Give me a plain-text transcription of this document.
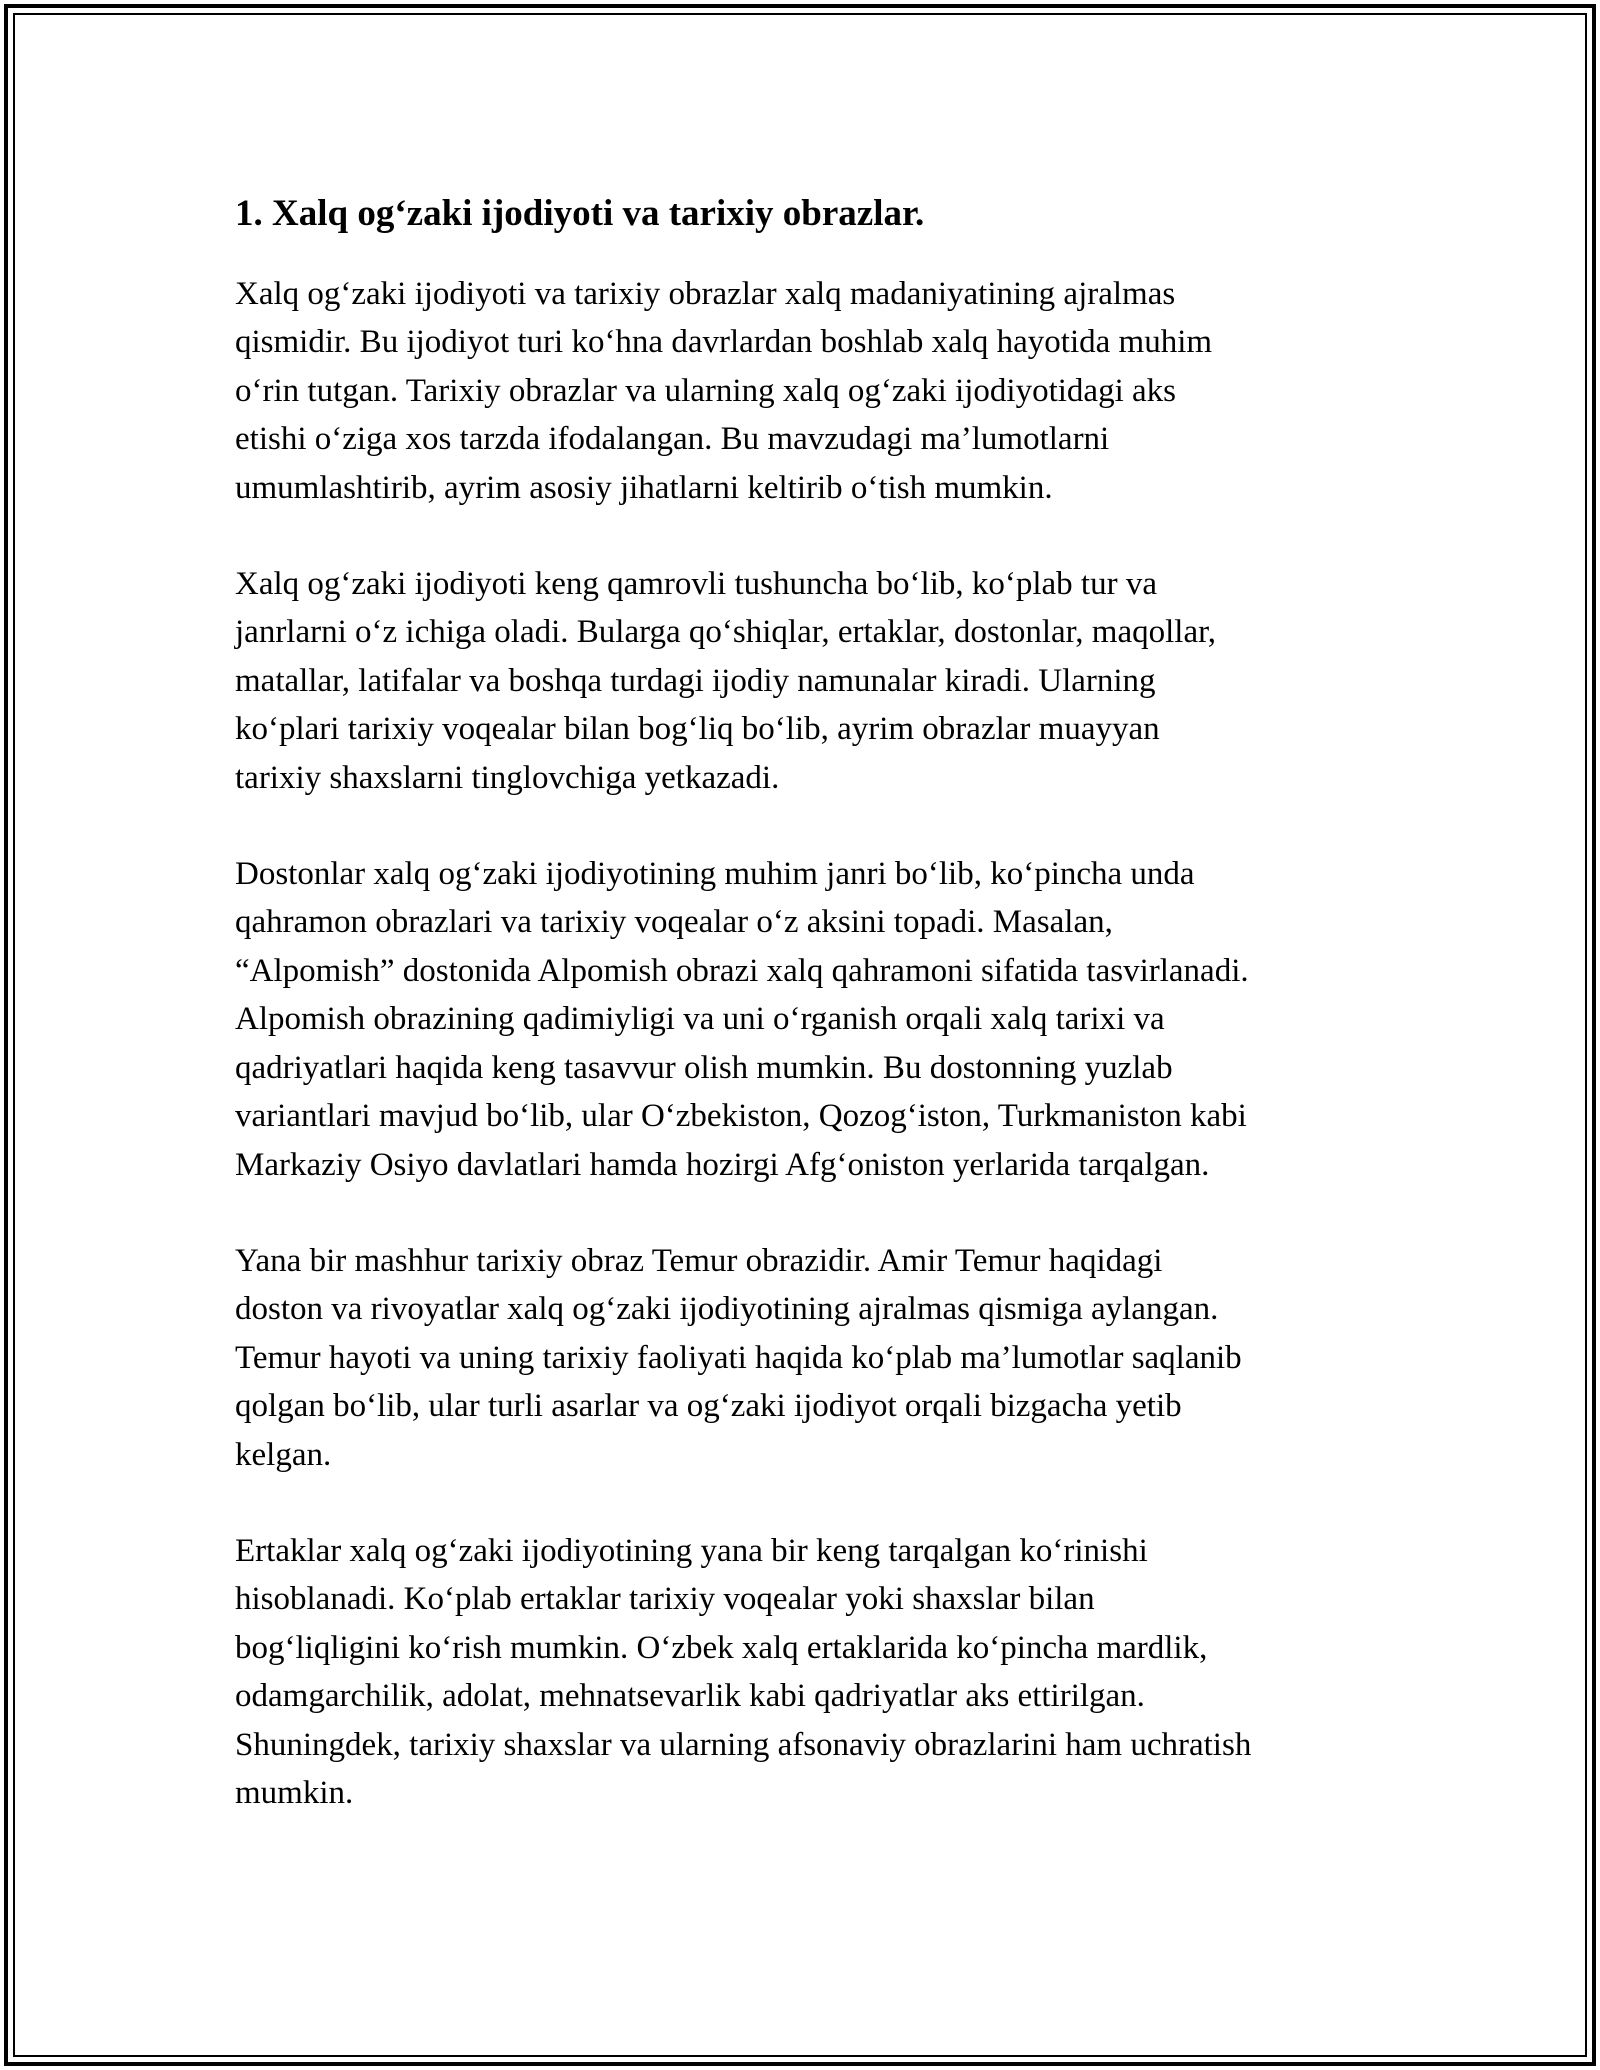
1. Xalq og‘zaki ijodiyoti va tarixiy obrazlar.

Xalq og‘zaki ijodiyoti va tarixiy obrazlar xalq madaniyatining ajralmas
qismidir. Bu ijodiyot turi ko‘hna davrlardan boshlab xalq hayotida muhim
o‘rin tutgan. Tarixiy obrazlar va ularning xalq og‘zaki ijodiyotidagi aks
etishi o‘ziga xos tarzda ifodalangan. Bu mavzudagi ma’lumotlarni
umumlashtirib, ayrim asosiy jihatlarni keltirib o‘tish mumkin.

Xalq og‘zaki ijodiyoti keng qamrovli tushuncha bo‘lib, ko‘plab tur va
janrlarni o‘z ichiga oladi. Bularga qo‘shiqlar, ertaklar, dostonlar, maqollar,
matallar, latifalar va boshqa turdagi ijodiy namunalar kiradi. Ularning
ko‘plari tarixiy voqealar bilan bog‘liq bo‘lib, ayrim obrazlar muayyan
tarixiy shaxslarni tinglovchiga yetkazadi.

Dostonlar xalq og‘zaki ijodiyotining muhim janri bo‘lib, ko‘pincha unda
qahramon obrazlari va tarixiy voqealar o‘z aksini topadi. Masalan,
“Alpomish” dostonida Alpomish obrazi xalq qahramoni sifatida tasvirlanadi.
Alpomish obrazining qadimiyligi va uni o‘rganish orqali xalq tarixi va
qadriyatlari haqida keng tasavvur olish mumkin. Bu dostonning yuzlab
variantlari mavjud bo‘lib, ular O‘zbekiston, Qozog‘iston, Turkmaniston kabi
Markaziy Osiyo davlatlari hamda hozirgi Afg‘oniston yerlarida tarqalgan.

Yana bir mashhur tarixiy obraz Temur obrazidir. Amir Temur haqidagi
doston va rivoyatlar xalq og‘zaki ijodiyotining ajralmas qismiga aylangan.
Temur hayoti va uning tarixiy faoliyati haqida ko‘plab ma’lumotlar saqlanib
qolgan bo‘lib, ular turli asarlar va og‘zaki ijodiyot orqali bizgacha yetib
kelgan.

Ertaklar xalq og‘zaki ijodiyotining yana bir keng tarqalgan ko‘rinishi
hisoblanadi. Ko‘plab ertaklar tarixiy voqealar yoki shaxslar bilan
bog‘liqligini ko‘rish mumkin. O‘zbek xalq ertaklarida ko‘pincha mardlik,
odamgarchilik, adolat, mehnatsevarlik kabi qadriyatlar aks ettirilgan.
Shuningdek, tarixiy shaxslar va ularning afsonaviy obrazlarini ham uchratish
mumkin.
